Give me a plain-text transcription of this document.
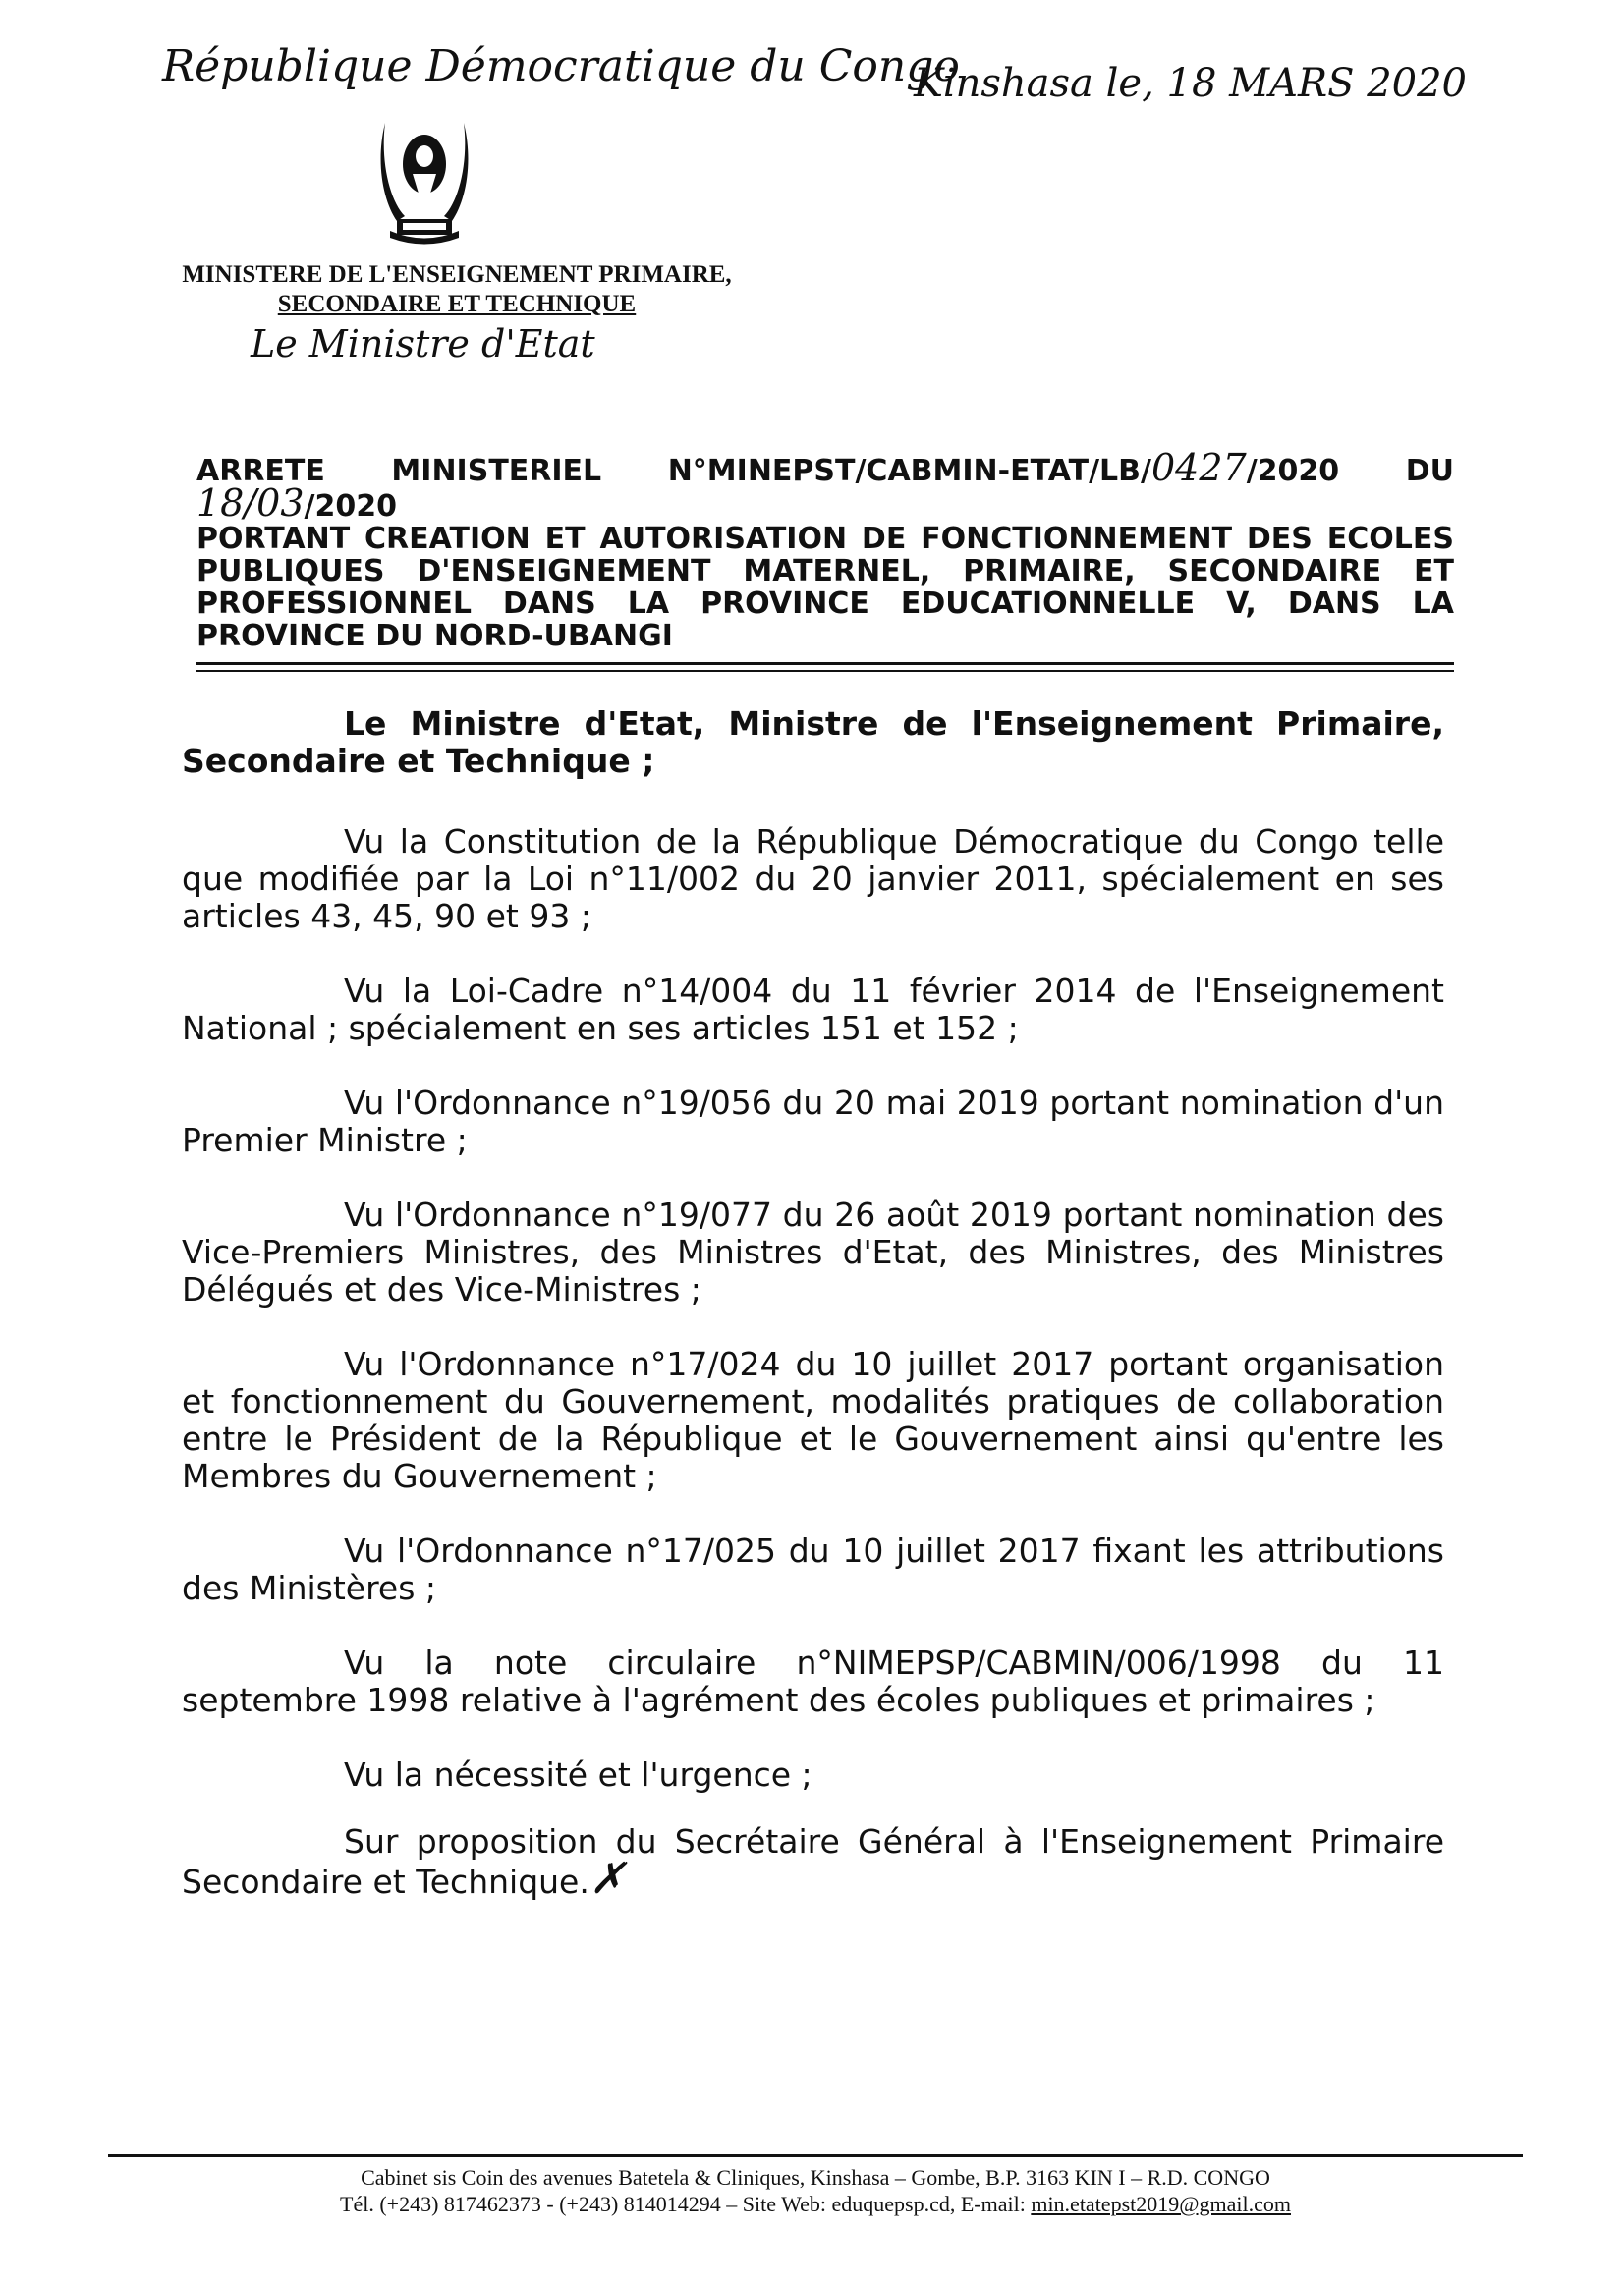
République Démocratique du Congo
Kinshasa le, 18 MARS 2020
MINISTERE DE L'ENSEIGNEMENT PRIMAIRE,
SECONDAIRE ET TECHNIQUE
Le Ministre d'Etat

ARRETE MINISTERIEL N°MINEPST/CABMIN-ETAT/LB/0427/2020 DU 18/03/2020

PORTANT CREATION ET AUTORISATION DE FONCTIONNEMENT DES ECOLES PUBLIQUES D'ENSEIGNEMENT MATERNEL, PRIMAIRE, SECONDAIRE ET PROFESSIONNEL DANS LA PROVINCE EDUCATIONNELLE V, DANS LA PROVINCE DU NORD-UBANGI

Le Ministre d'Etat, Ministre de l'Enseignement Primaire, Secondaire et Technique ;

Vu la Constitution de la République Démocratique du Congo telle que modifiée par la Loi n°11/002 du 20 janvier 2011, spécialement en ses articles 43, 45, 90 et 93 ;

Vu la Loi-Cadre n°14/004 du 11 février 2014 de l'Enseignement National ; spécialement en ses articles 151 et 152 ;

Vu l'Ordonnance n°19/056 du 20 mai 2019 portant nomination d'un Premier Ministre ;

Vu l'Ordonnance n°19/077 du 26 août 2019 portant nomination des Vice-Premiers Ministres, des Ministres d'Etat, des Ministres, des Ministres Délégués et des Vice-Ministres ;

Vu l'Ordonnance n°17/024 du 10 juillet 2017 portant organisation et fonctionnement du Gouvernement, modalités pratiques de collaboration entre le Président de la République et le Gouvernement ainsi qu'entre les Membres du Gouvernement ;

Vu l'Ordonnance n°17/025 du 10 juillet 2017 fixant les attributions des Ministères ;

Vu la note circulaire n°NIMEPSP/CABMIN/006/1998 du 11 septembre 1998 relative à l'agrément des écoles publiques et primaires ;

Vu la nécessité et l'urgence ;

Sur proposition du Secrétaire Général à l'Enseignement Primaire Secondaire et Technique.✗

Cabinet sis Coin des avenues Batetela & Cliniques, Kinshasa – Gombe, B.P. 3163 KIN I – R.D. CONGO
Tél. (+243) 817462373 - (+243) 814014294 – Site Web: eduquepsp.cd, E-mail: min.etatepst2019@gmail.com
